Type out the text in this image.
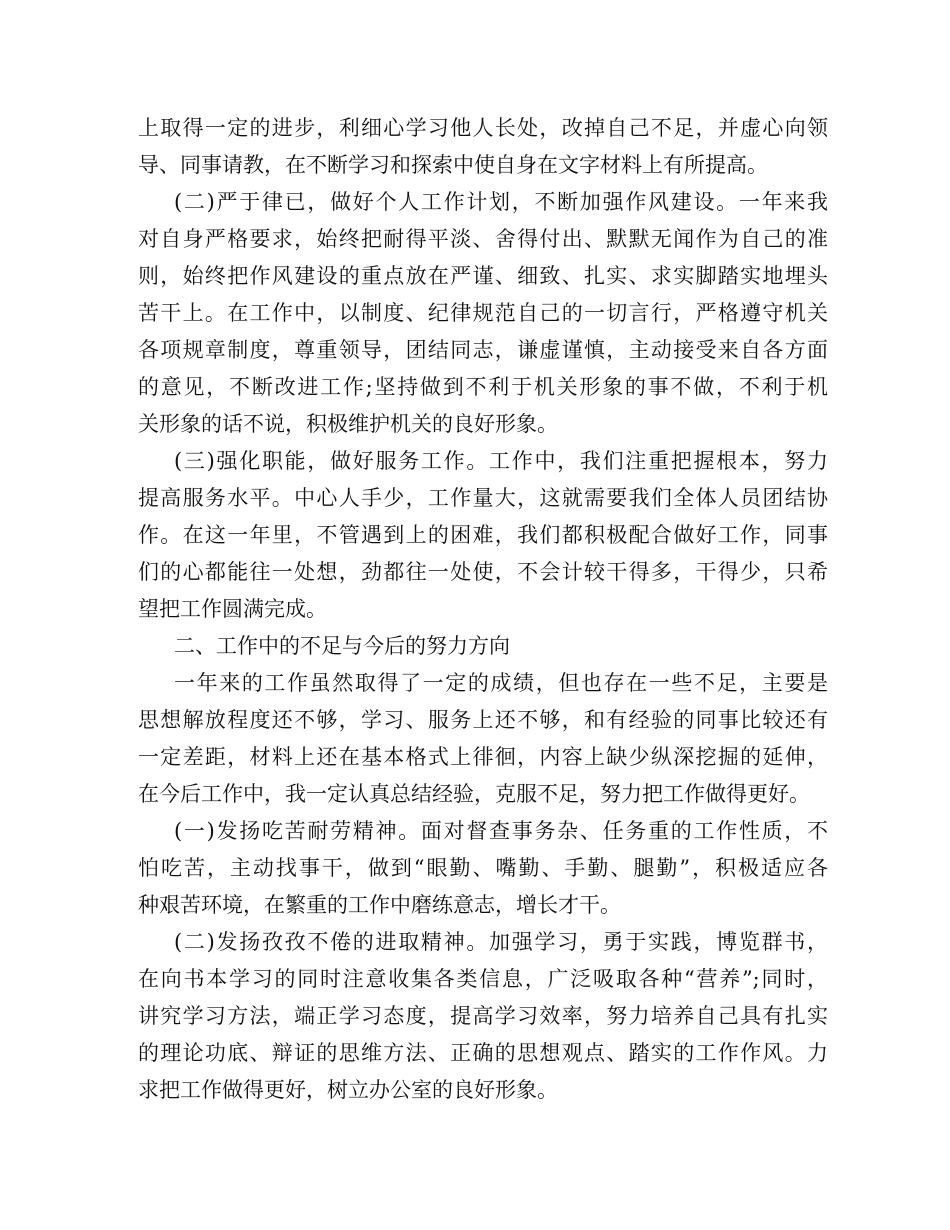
上取得一定的进步，利细心学习他人长处，改掉自己不足，并虚心向领
导、同事请教，在不断学习和探索中使自身在文字材料上有所提高。
(二)严于律已，做好个人工作计划，不断加强作风建设。一年来我
对自身严格要求，始终把耐得平淡、舍得付出、默默无闻作为自己的准
则，始终把作风建设的重点放在严谨、细致、扎实、求实脚踏实地埋头
苦干上。在工作中，以制度、纪律规范自己的一切言行，严格遵守机关
各项规章制度，尊重领导，团结同志，谦虚谨慎，主动接受来自各方面
的意见，不断改进工作;坚持做到不利于机关形象的事不做，不利于机
关形象的话不说，积极维护机关的良好形象。
(三)强化职能，做好服务工作。工作中，我们注重把握根本，努力
提高服务水平。中心人手少，工作量大，这就需要我们全体人员团结协
作。在这一年里，不管遇到上的困难，我们都积极配合做好工作，同事
们的心都能往一处想，劲都往一处使，不会计较干得多，干得少，只希
望把工作圆满完成。
二、工作中的不足与今后的努力方向
一年来的工作虽然取得了一定的成绩，但也存在一些不足，主要是
思想解放程度还不够，学习、服务上还不够，和有经验的同事比较还有
一定差距，材料上还在基本格式上徘徊，内容上缺少纵深挖掘的延伸，
在今后工作中，我一定认真总结经验，克服不足，努力把工作做得更好。
(一)发扬吃苦耐劳精神。面对督查事务杂、任务重的工作性质，不
怕吃苦，主动找事干，做到“眼勤、嘴勤、手勤、腿勤”，积极适应各
种艰苦环境，在繁重的工作中磨练意志，增长才干。
(二)发扬孜孜不倦的进取精神。加强学习，勇于实践，博览群书，
在向书本学习的同时注意收集各类信息，广泛吸取各种“营养”;同时，
讲究学习方法，端正学习态度，提高学习效率，努力培养自己具有扎实
的理论功底、辩证的思维方法、正确的思想观点、踏实的工作作风。力
求把工作做得更好，树立办公室的良好形象。
